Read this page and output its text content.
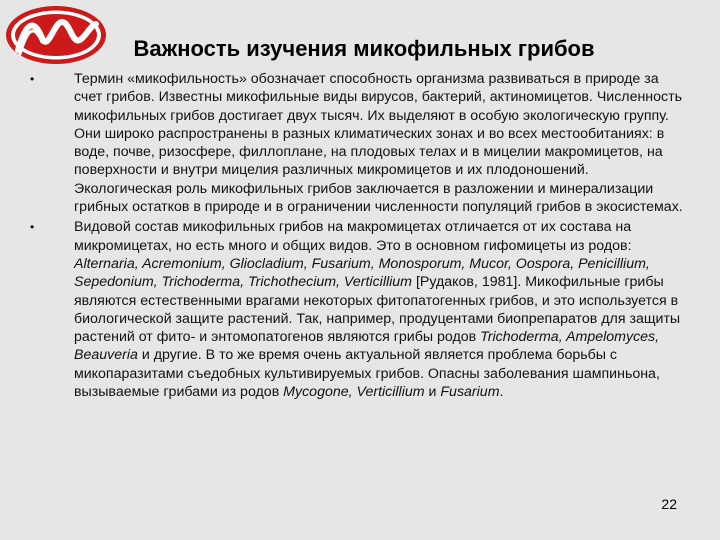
Важность изучения микофильных грибов
•	Термин «микофильность» обозначает способность организма развиваться в природе за счет грибов. Известны микофильные виды вирусов, бактерий, актиномицетов. Численность микофильных грибов достигает двух тысяч. Их выделяют в особую экологическую группу. Они широко распространены в разных климатических зонах и во всех местообитаниях: в воде, почве, ризосфере, филлоплане, на плодовых телах и в мицелии макромицетов, на поверхности и внутри мицелия различных микромицетов и их плодоношений. Экологическая роль микофильных грибов заключается в разложении и минерализации грибных остатков в природе и в ограничении численности популяций грибов в экосистемах.
•	Видовой состав микофильных грибов на макромицетах отличается от их состава на микромицетах, но есть много и общих видов. Это в основном гифомицеты из родов: Alternaria, Acremonium, Gliocladium, Fusarium, Monosporum, Mucor, Oospora, Penicillium, Sepedonium, Trichoderma, Trichothecium, Verticillium [Рудаков, 1981]. Микофильные грибы являются естественными врагами некоторых фитопатогенных грибов, и это используется в биологической защите растений. Так, например, продуцентами биопрепаратов для защиты растений от фито- и энтомопатогенов являются грибы родов Trichoderma, Ampelomyces, Beauveria и другие. В то же время очень актуальной является проблема борьбы с микопаразитами съедобных культивируемых грибов. Опасны заболевания шампиньона, вызываемые грибами из родов Mycogone, Verticillium и Fusarium.
22
